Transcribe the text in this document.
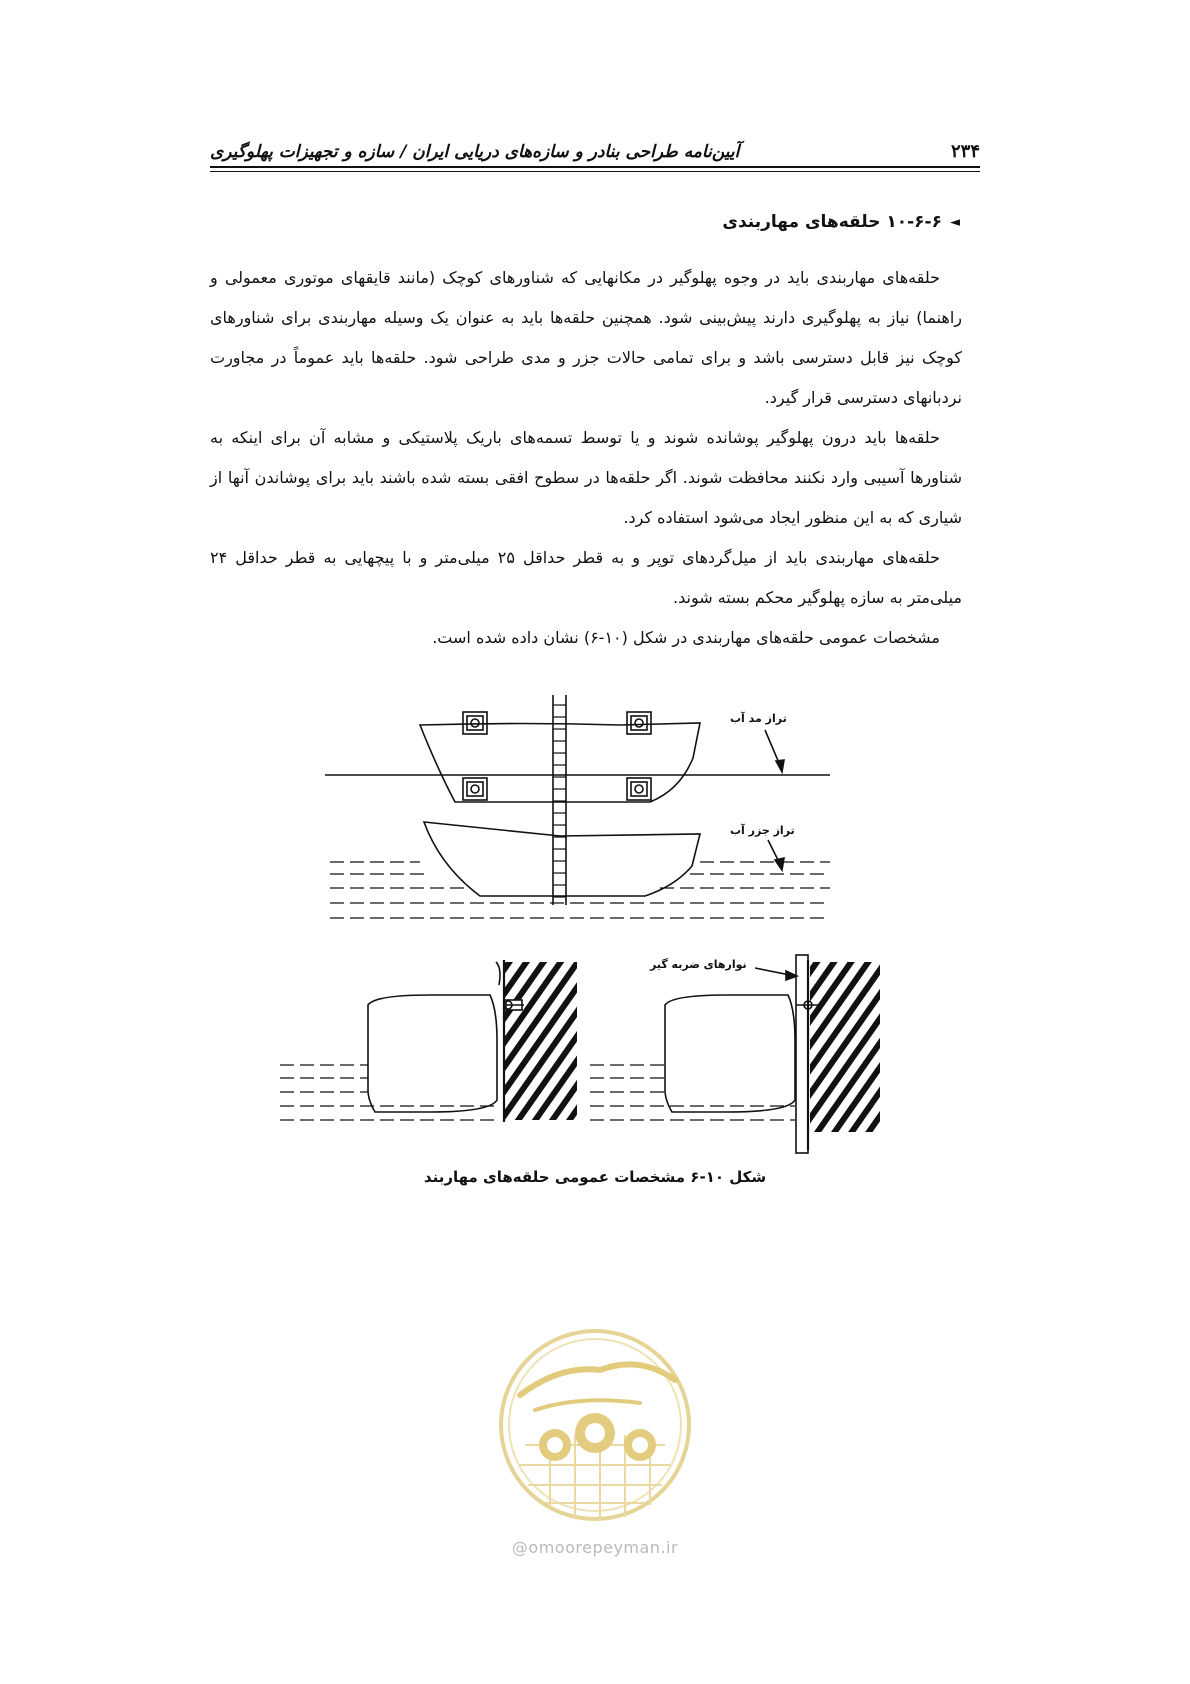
۲۳۴
آیین‌نامه طراحی بنادر و سازه‌های دریایی ایران / سازه و تجهیزات پهلوگیری
◄
۱۰-۶-۶ حلقه‌های مهاربندی

حلقه‌های مهاربندی باید در وجوه پهلوگیر در مکانهایی که شناورهای کوچک (مانند قایقهای موتوری معمولی و راهنما) نیاز به پهلوگیری دارند پیش‌بینی شود. همچنین حلقه‌ها باید به عنوان یک وسیله مهاربندی برای شناورهای کوچک نیز قابل دسترسی باشد و برای تمامی حالات جزر و مدی طراحی شود. حلقه‌ها باید عموماً در مجاورت نردبانهای دسترسی قرار گیرد.

حلقه‌ها باید درون پهلوگیر پوشانده شوند و یا توسط تسمه‌های باریک پلاستیکی و مشابه آن برای اینکه به شناورها آسیبی وارد نکنند محافظت شوند. اگر حلقه‌ها در سطوح افقی بسته شده باشند باید برای پوشاندن آنها از شیاری که به این منظور ایجاد می‌شود استفاده کرد.

حلقه‌های مهاربندی باید از میل‌گردهای توپر و به قطر حداقل ۲۵ میلی‌متر و با پیچهایی به قطر حداقل ۲۴ میلی‌متر به سازه پهلوگیر محکم بسته شوند.

مشخصات عمومی حلقه‌های مهاربندی در شکل (۱۰-۶) نشان داده شده است.

تراز مد آب
تراز جزر آب
نوارهای ضربه گیر
شکل ۱۰-۶ مشخصات عمومی حلقه‌های مهاربند
@omoorepeyman.ir
